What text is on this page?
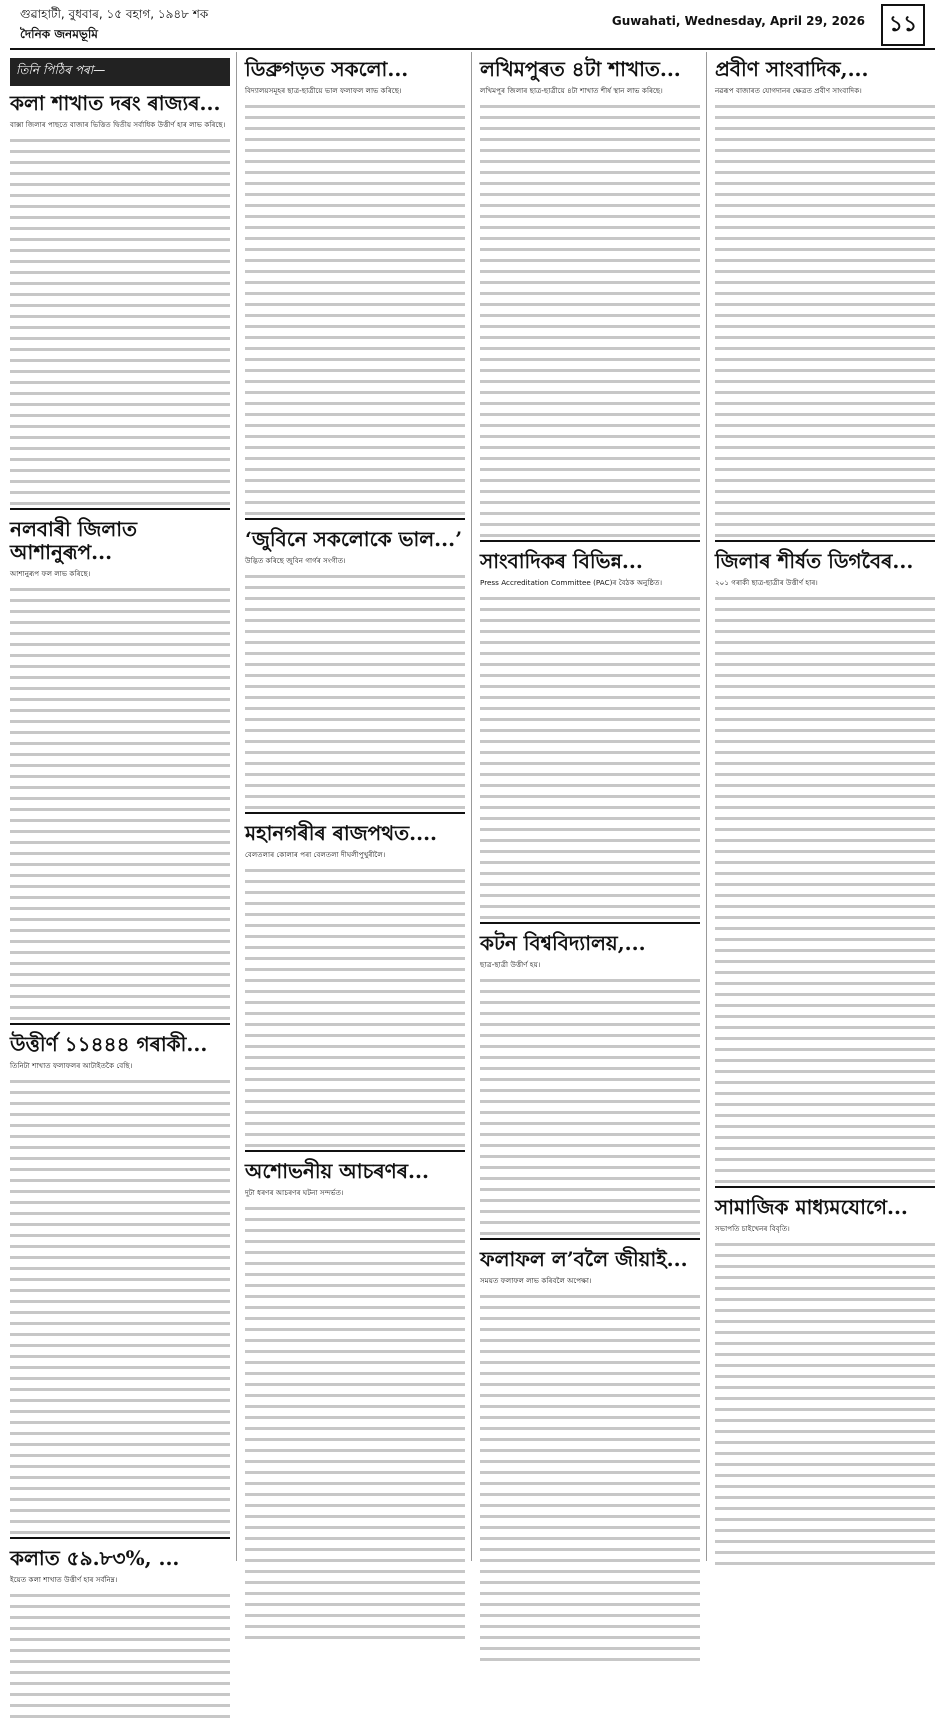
গুৱাহাটী, বুধবাৰ, ১৫ বহাগ, ১৯৪৮ শক
দৈনিক জনমভূমি
Guwahati, Wednesday, April 29, 2026	১১
তিনি পিঠিৰ পৰা—
কলা শাখাত দৰং ৰাজ্যৰ...

বাক্সা জিলাৰ পাছতে বাজাৰ ভিত্তিত দ্বিতীয় সৰ্বাধিক উত্তীৰ্ণ হাৰ লাভ কৰিছে।

নলবাৰী জিলাত আশানুৰূপ...

আশানুৰূপ ফল লাভ কৰিছে।

উত্তীৰ্ণ ১১৪৪৪ গৰাকী...

তিনিটা শাখাত ফলাফলৰ আটাইতকৈ বেছি।

কলাত ৫৯.৮৩%, ...

ইয়েত কলা শাখাত উত্তীৰ্ণ হাৰ সৰ্বনিম্ন।

ডিব্ৰুগড়ত সকলো...

বিদ্যালয়সমূহৰ ছাত্ৰ-ছাত্ৰীয়ে ভাল ফলাফল লাভ কৰিছে।

‘জুবিনে সকলোকে ভাল...’

উদ্ভিত কৰিছে জুবিন গাৰ্গৰ সংগীত।

মহানগৰীৰ ৰাজপথত....

বেলতলাৰ কোলাৰ পৰা বেলতলা দীঘলীপুখুৰীলৈ।

অশোভনীয় আচৰণৰ...

দুটা ধৰণৰ আচৰণৰ ঘটনা সন্দৰ্ভত।

লখিমপুৰত ৪টা শাখাত...

লখিমপুৰ জিলাৰ ছাত্ৰ-ছাত্ৰীয়ে ৪টা শাখাত শীৰ্ষ স্থান লাভ কৰিছে।

সাংবাদিকৰ বিভিন্ন...

Press Accreditation Committee (PAC)ৰ বৈঠক অনুষ্ঠিত।

কটন বিশ্ববিদ্যালয়,...

ছাত্ৰ-ছাত্ৰী উত্তীৰ্ণ হয়।

ফলাফল ল’বলৈ জীয়াই...

সময়ত ফলাফল লাভ কৰিবলৈ অপেক্ষা।

প্ৰবীণ সাংবাদিক,...

নৱৰূপ বাজাৰত যোগদানৰ ক্ষেত্ৰত প্ৰবীণ সাংবাদিক।

জিলাৰ শীৰ্ষত ডিগবৈৰ...

২০১ গৰাকী ছাত্ৰ-ছাত্ৰীৰ উত্তীৰ্ণ হাৰ।

সামাজিক মাধ্যমযোগে...

সভাপতি চাইখেনৰ বিবৃতি।
